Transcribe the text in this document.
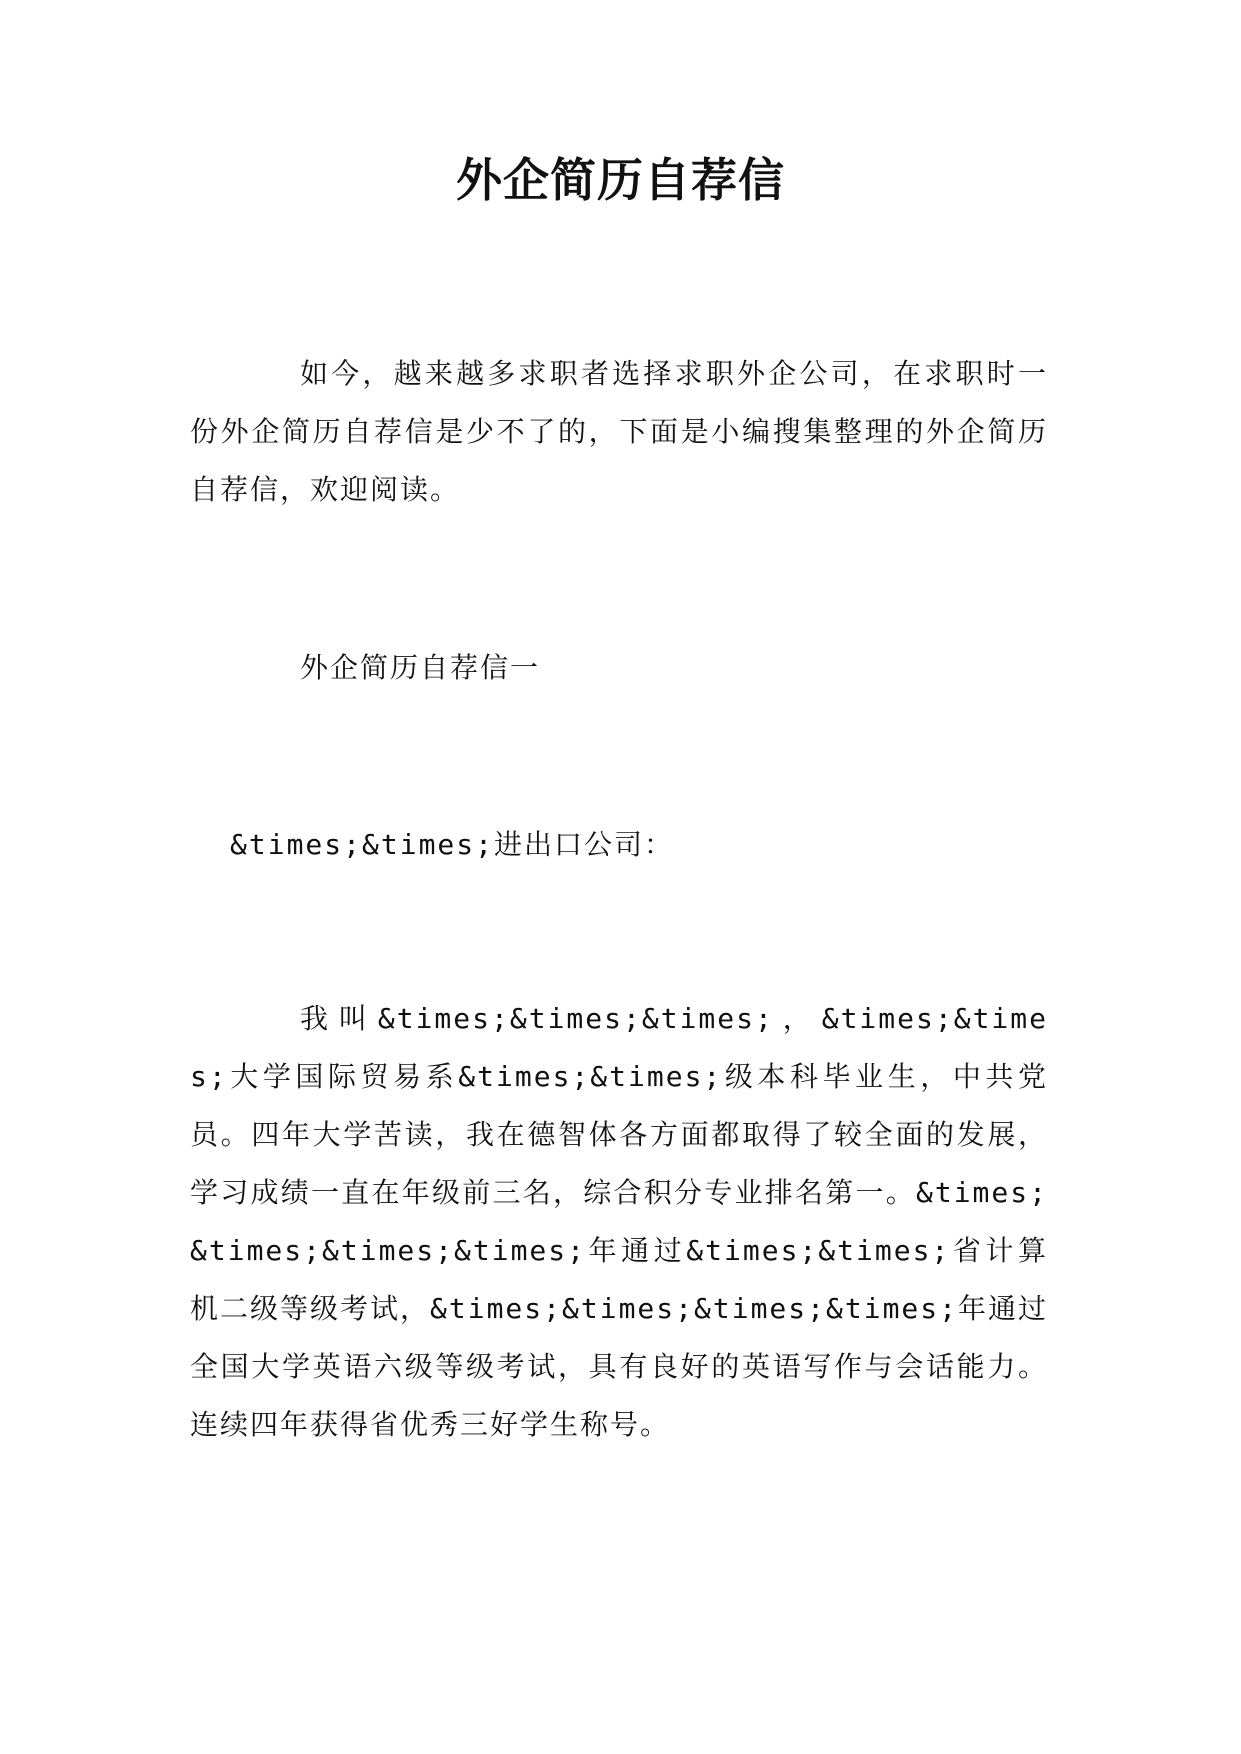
外企简历自荐信
如今，越来越多求职者选择求职外企公司，在求职时一份外企简历自荐信是少不了的，下面是小编搜集整理的外企简历自荐信，欢迎阅读。
外企简历自荐信一
&times;&times;进出口公司：
我叫&times;&times;&times;，&times;&times;大学国际贸易系&times;&times;级本科毕业生，中共党员。四年大学苦读，我在德智体各方面都取得了较全面的发展，学习成绩一直在年级前三名，综合积分专业排名第一。&times;&times;&times;&times;年通过&times;&times;省计算机二级等级考试，&times;&times;&times;&times;年通过全国大学英语六级等级考试，具有良好的英语写作与会话能力。连续四年获得省优秀三好学生称号。
